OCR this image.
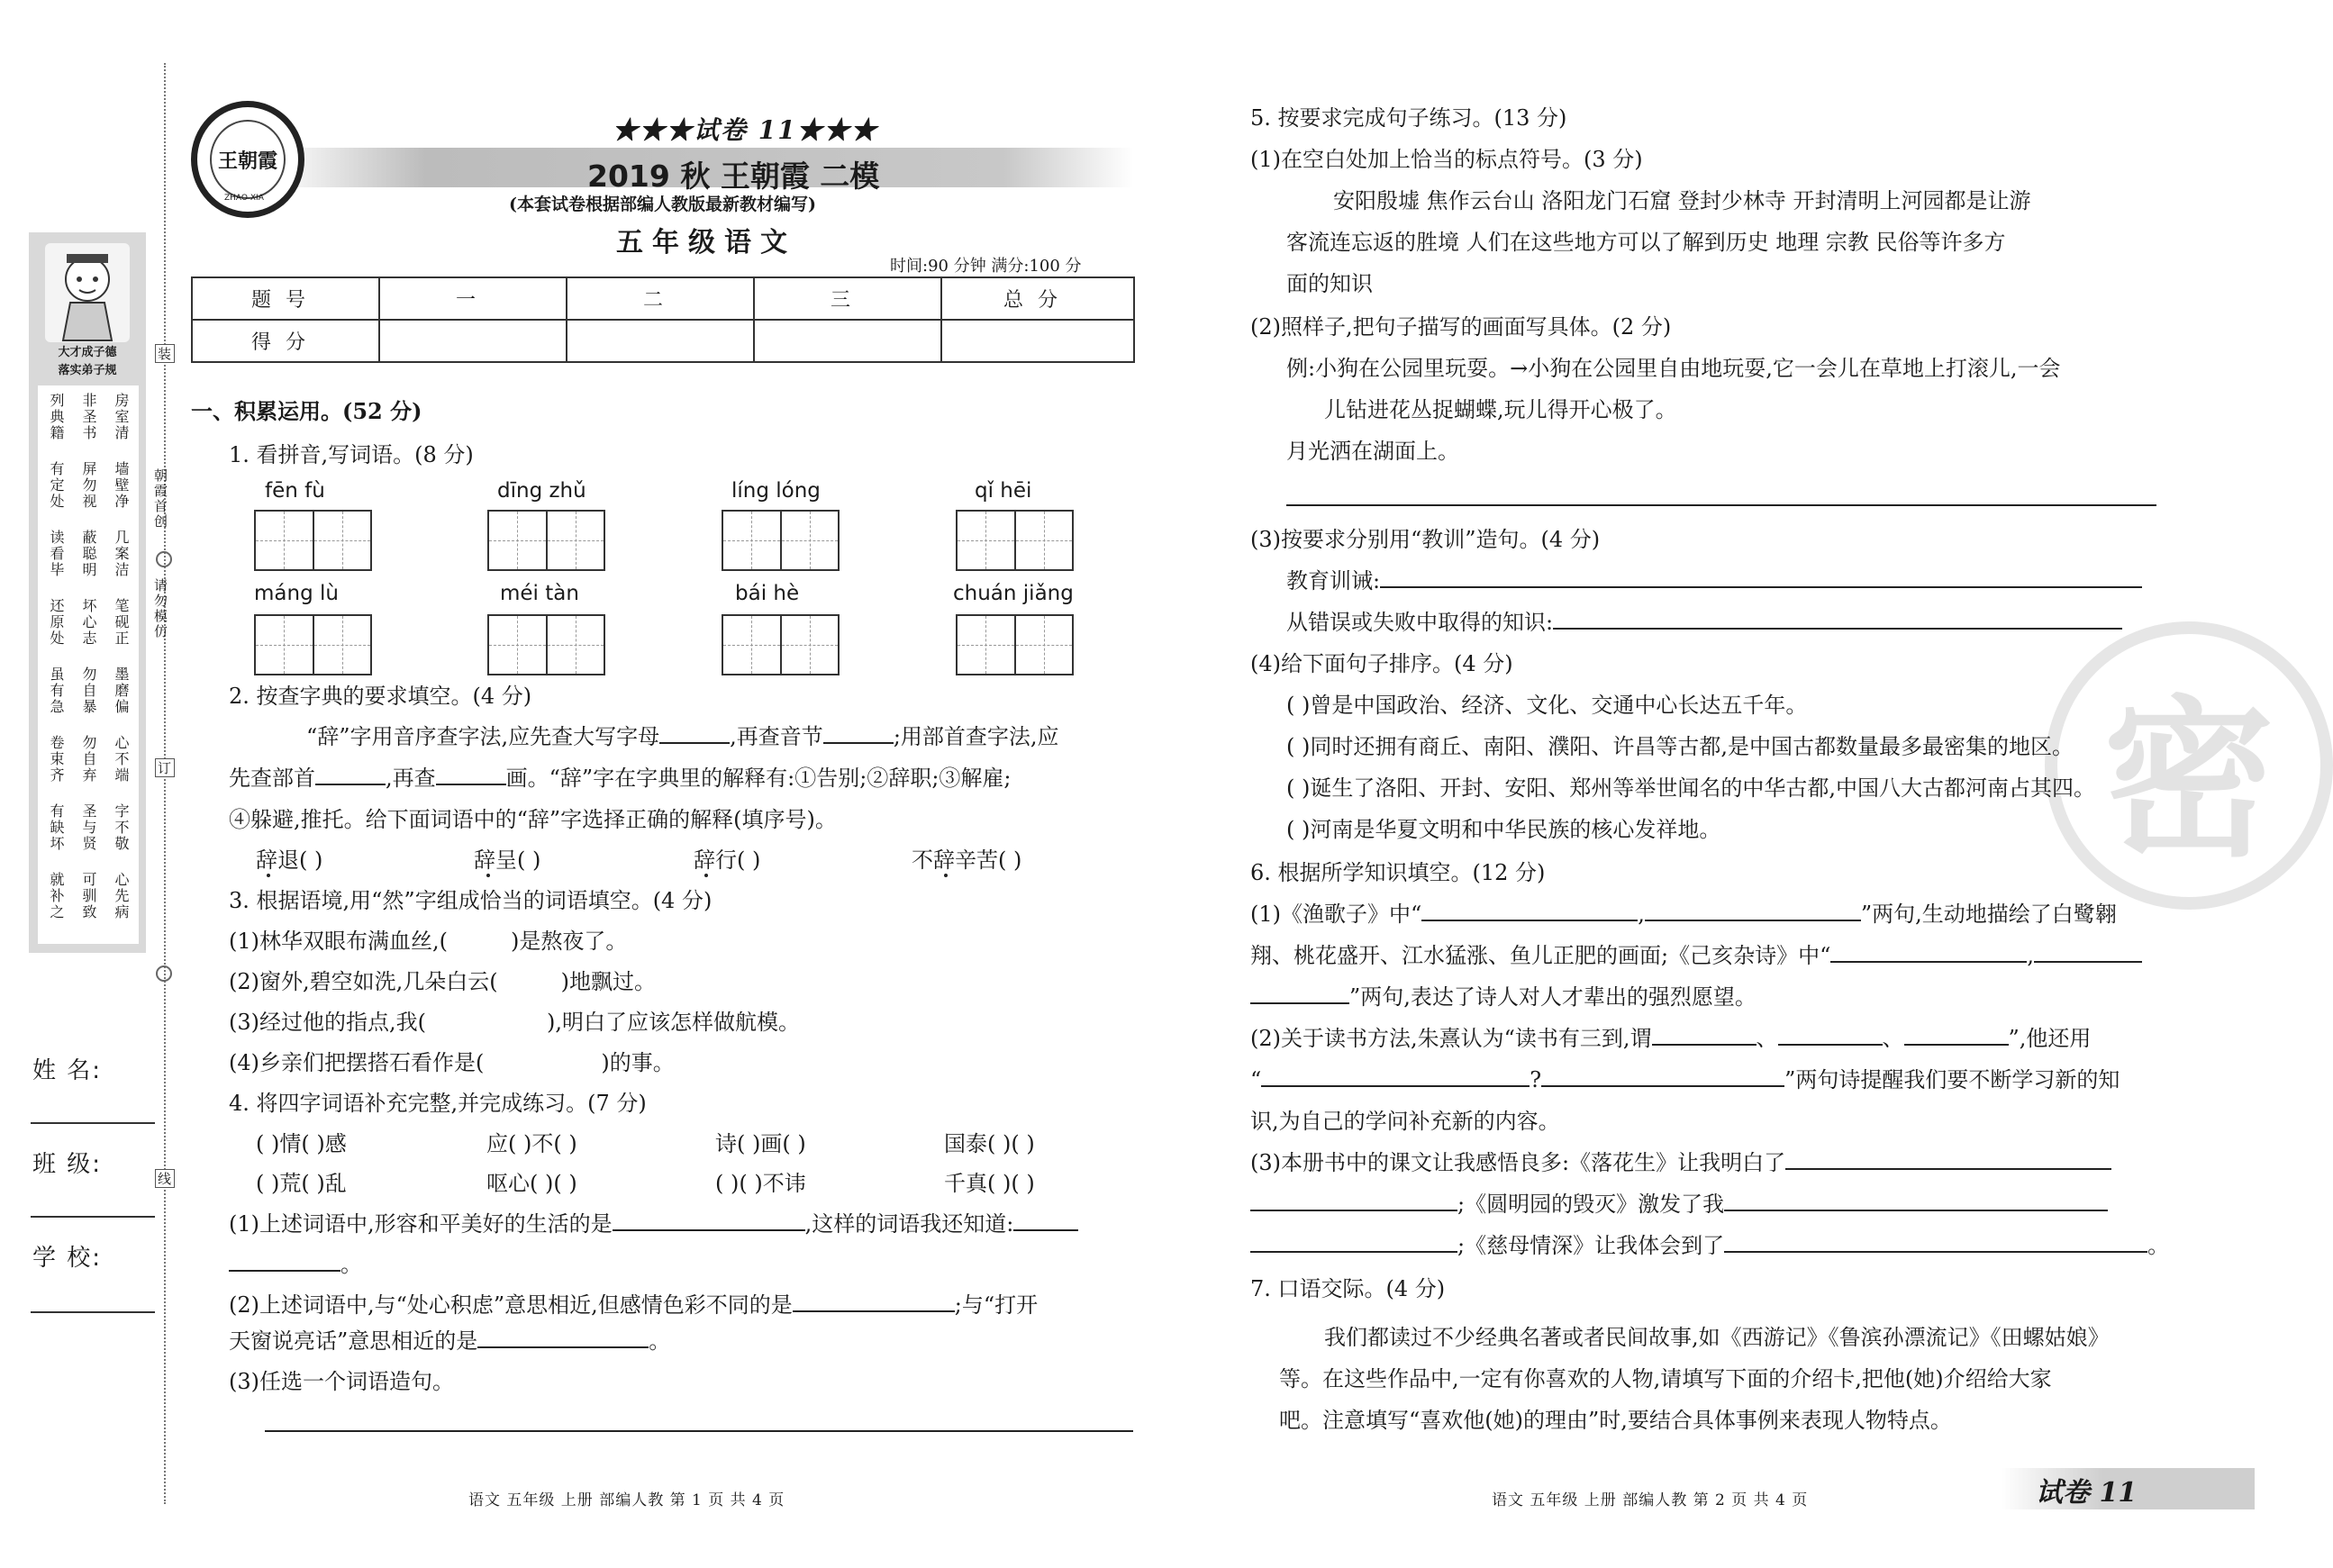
大才成子德
落实弟子规
房室清
墙壁净
几案洁
笔砚正
墨磨偏
心不端
字不敬
心先病
非圣书
屏勿视
蔽聪明
坏心志
勿自暴
勿自弃
圣与贤
可驯致
列典籍
有定处
读看毕
还原处
虽有急
卷束齐
有缺坏
就补之
装
订
线
朝霞首创
请勿模仿
姓 名:
班 级:
学 校:
王朝霞
ZHAO XIA
★★★试卷 11★★★
2019 秋 王朝霞 二模
(本套试卷根据部编人教版最新教材编写)
五年级语文
时间:90 分钟 满分:100 分
题号	一	二	三	总分
得分				
一、积累运用。(52 分)
1. 看拼音,写词语。(8 分)
fēn fù	dīng zhǔ	líng lóng	qǐ hēi
máng lù	méi tàn	bái hè	chuán jiǎng
2. 按查字典的要求填空。(4 分)
“辞”字用音序查字法,应先查大写字母	,再查音节	;用部首查字法,应
先查部首	,再查	画。“辞”字在字典里的解释有:①告别;②辞职;③解雇;
④躲避,推托。给下面词语中的“辞”字选择正确的解释(填序号)。
辞退( )	辞呈( )	辞行( )	不辞辛苦( )
3. 根据语境,用“然”字组成恰当的词语填空。(4 分)
(1)林华双眼布满血丝,(	)是熬夜了。
(2)窗外,碧空如洗,几朵白云(	)地飘过。
(3)经过他的指点,我(	),明白了应该怎样做航模。
(4)乡亲们把摆搭石看作是(	)的事。
4. 将四字词语补充完整,并完成练习。(7 分)
( )情( )感	应( )不( )	诗( )画( )	国泰( )( )
( )荒( )乱	呕心( )( )	( )( )不讳	千真( )( )
(1)上述词语中,形容和平美好的生活的是	,这样的词语我还知道:
。
(2)上述词语中,与“处心积虑”意思相近,但感情色彩不同的是	;与“打开
天窗说亮话”意思相近的是	。
(3)任选一个词语造句。
语文 五年级 上册 部编人教 第 1 页 共 4 页
密
5. 按要求完成句子练习。(13 分)
(1)在空白处加上恰当的标点符号。(3 分)
安阳殷墟 焦作云台山 洛阳龙门石窟 登封少林寺 开封清明上河园都是让游
客流连忘返的胜境 人们在这些地方可以了解到历史 地理 宗教 民俗等许多方
面的知识
(2)照样子,把句子描写的画面写具体。(2 分)
例:小狗在公园里玩耍。→小狗在公园里自由地玩耍,它一会儿在草地上打滚儿,一会
儿钻进花丛捉蝴蝶,玩儿得开心极了。
月光洒在湖面上。
(3)按要求分别用“教训”造句。(4 分)
教育训诫:
从错误或失败中取得的知识:
(4)给下面句子排序。(4 分)
( )曾是中国政治、经济、文化、交通中心长达五千年。
( )同时还拥有商丘、南阳、濮阳、许昌等古都,是中国古都数量最多最密集的地区。
( )诞生了洛阳、开封、安阳、郑州等举世闻名的中华古都,中国八大古都河南占其四。
( )河南是华夏文明和中华民族的核心发祥地。
6. 根据所学知识填空。(12 分)
(1)《渔歌子》中“	,	”两句,生动地描绘了白鹭翱
翔、桃花盛开、江水猛涨、鱼儿正肥的画面;《己亥杂诗》中“	,
”两句,表达了诗人对人才辈出的强烈愿望。
(2)关于读书方法,朱熹认为“读书有三到,谓	、	、	”,他还用
“	?	”两句诗提醒我们要不断学习新的知
识,为自己的学问补充新的内容。
(3)本册书中的课文让我感悟良多:《落花生》让我明白了
;《圆明园的毁灭》激发了我
;《慈母情深》让我体会到了	。
7. 口语交际。(4 分)
我们都读过不少经典名著或者民间故事,如《西游记》《鲁滨孙漂流记》《田螺姑娘》
等。在这些作品中,一定有你喜欢的人物,请填写下面的介绍卡,把他(她)介绍给大家
吧。注意填写“喜欢他(她)的理由”时,要结合具体事例来表现人物特点。
语文 五年级 上册 部编人教 第 2 页 共 4 页	试卷 11
